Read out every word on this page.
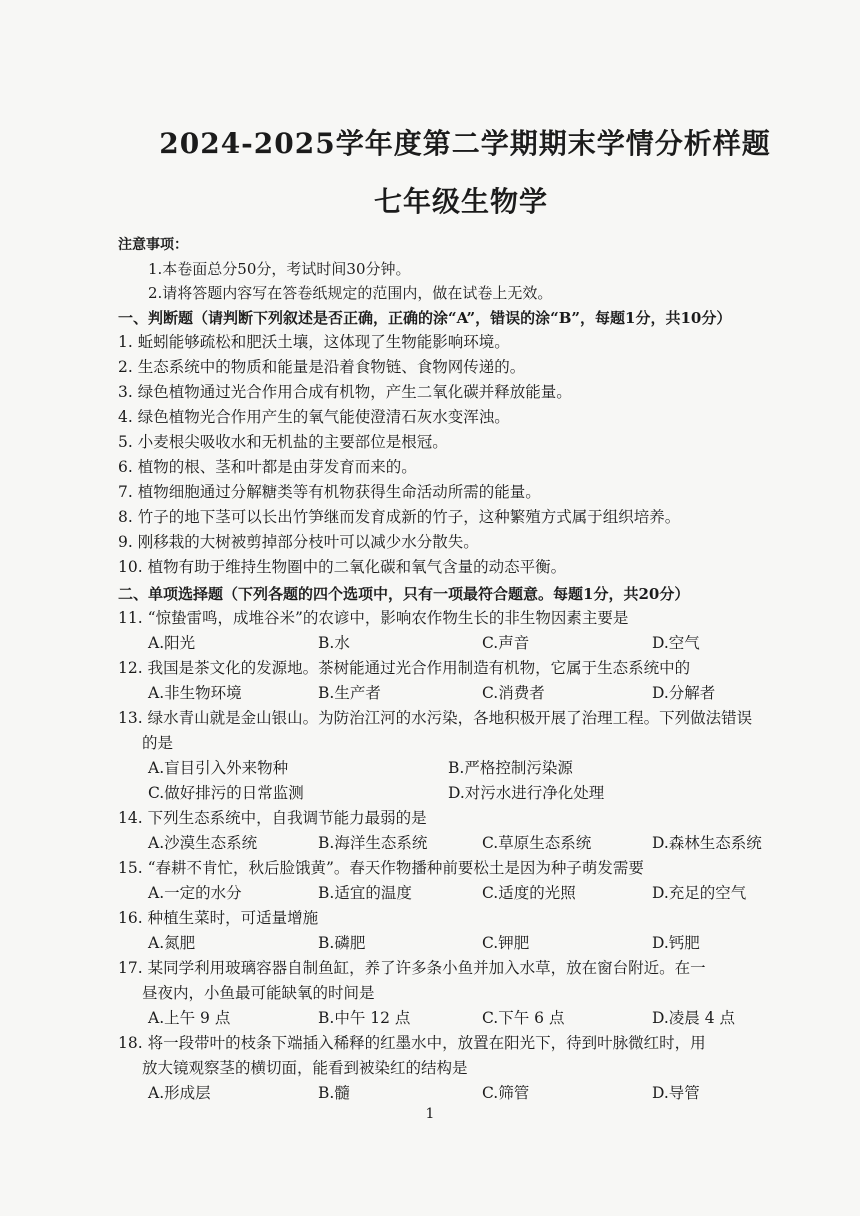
2024-2025学年度第二学期期末学情分析样题
七年级生物学
注意事项：
1.本卷面总分50分，考试时间30分钟。
2.请将答题内容写在答卷纸规定的范围内，做在试卷上无效。
一、判断题（请判断下列叙述是否正确，正确的涂“A”，错误的涂“B”，每题1分，共10分）
1. 蚯蚓能够疏松和肥沃土壤，这体现了生物能影响环境。
2. 生态系统中的物质和能量是沿着食物链、食物网传递的。
3. 绿色植物通过光合作用合成有机物，产生二氧化碳并释放能量。
4. 绿色植物光合作用产生的氧气能使澄清石灰水变浑浊。
5. 小麦根尖吸收水和无机盐的主要部位是根冠。
6. 植物的根、茎和叶都是由芽发育而来的。
7. 植物细胞通过分解糖类等有机物获得生命活动所需的能量。
8. 竹子的地下茎可以长出竹笋继而发育成新的竹子，这种繁殖方式属于组织培养。
9. 刚移栽的大树被剪掉部分枝叶可以减少水分散失。
10. 植物有助于维持生物圈中的二氧化碳和氧气含量的动态平衡。
二、单项选择题（下列各题的四个选项中，只有一项最符合题意。每题1分，共20分）
11. “惊蛰雷鸣，成堆谷米”的农谚中，影响农作物生长的非生物因素主要是
A.阳光	B.水	C.声音	D.空气
12. 我国是茶文化的发源地。茶树能通过光合作用制造有机物，它属于生态系统中的
A.非生物环境	B.生产者	C.消费者	D.分解者
13. 绿水青山就是金山银山。为防治江河的水污染，各地积极开展了治理工程。下列做法错误
的是
A.盲目引入外来物种	B.严格控制污染源
C.做好排污的日常监测	D.对污水进行净化处理
14. 下列生态系统中，自我调节能力最弱的是
A.沙漠生态系统	B.海洋生态系统	C.草原生态系统	D.森林生态系统
15. “春耕不肯忙，秋后脸饿黄”。春天作物播种前要松土是因为种子萌发需要
A.一定的水分	B.适宜的温度	C.适度的光照	D.充足的空气
16. 种植生菜时，可适量增施
A.氮肥	B.磷肥	C.钾肥	D.钙肥
17. 某同学利用玻璃容器自制鱼缸，养了许多条小鱼并加入水草，放在窗台附近。在一
昼夜内，小鱼最可能缺氧的时间是
A.上午 9 点	B.中午 12 点	C.下午 6 点	D.凌晨 4 点
18. 将一段带叶的枝条下端插入稀释的红墨水中，放置在阳光下，待到叶脉微红时，用
放大镜观察茎的横切面，能看到被染红的结构是
A.形成层	B.髓	C.筛管	D.导管
1
